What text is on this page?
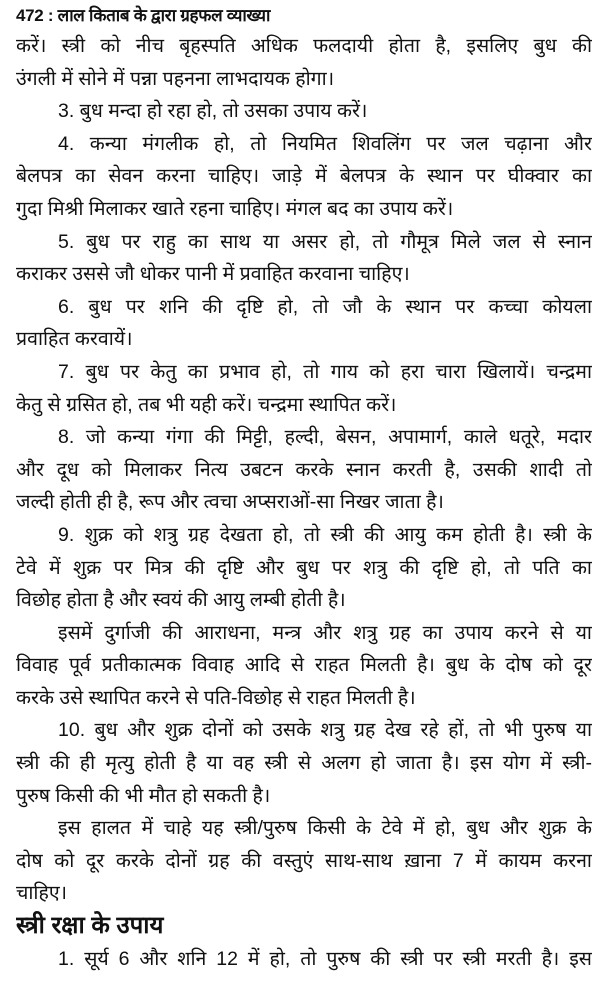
472 : लाल किताब के द्वारा ग्रहफल व्याख्या
करें। स्त्री को नीच बृहस्पति अधिक फलदायी होता है, इसलिए बुध की
उंगली में सोने में पन्ना पहनना लाभदायक होगा।
3. बुध मन्दा हो रहा हो, तो उसका उपाय करें।
4. कन्या मंगलीक हो, तो नियमित शिवलिंग पर जल चढ़ाना और
बेलपत्र का सेवन करना चाहिए। जाड़े में बेलपत्र के स्थान पर घीक्वार का
गुदा मिश्री मिलाकर खाते रहना चाहिए। मंगल बद का उपाय करें।
5. बुध पर राहु का साथ या असर हो, तो गौमूत्र मिले जल से स्नान
कराकर उससे जौ धोकर पानी में प्रवाहित करवाना चाहिए।
6. बुध पर शनि की दृष्टि हो, तो जौ के स्थान पर कच्चा कोयला
प्रवाहित करवायें।
7. बुध पर केतु का प्रभाव हो, तो गाय को हरा चारा खिलायें। चन्द्रमा
केतु से ग्रसित हो, तब भी यही करें। चन्द्रमा स्थापित करें।
8. जो कन्या गंगा की मिट्टी, हल्दी, बेसन, अपामार्ग, काले धतूरे, मदार
और दूध को मिलाकर नित्य उबटन करके स्नान करती है, उसकी शादी तो
जल्दी होती ही है, रूप और त्वचा अप्सराओं-सा निखर जाता है।
9. शुक्र को शत्रु ग्रह देखता हो, तो स्त्री की आयु कम होती है। स्त्री के
टेवे में शुक्र पर मित्र की दृष्टि और बुध पर शत्रु की दृष्टि हो, तो पति का
विछोह होता है और स्वयं की आयु लम्बी होती है।
इसमें दुर्गाजी की आराधना, मन्त्र और शत्रु ग्रह का उपाय करने से या
विवाह पूर्व प्रतीकात्मक विवाह आदि से राहत मिलती है। बुध के दोष को दूर
करके उसे स्थापित करने से पति-विछोह से राहत मिलती है।
10. बुध और शुक्र दोनों को उसके शत्रु ग्रह देख रहे हों, तो भी पुरुष या
स्त्री की ही मृत्यु होती है या वह स्त्री से अलग हो जाता है। इस योग में स्त्री-
पुरुष किसी की भी मौत हो सकती है।
इस हालत में चाहे यह स्त्री/पुरुष किसी के टेवे में हो, बुध और शुक्र के
दोष को दूर करके दोनों ग्रह की वस्तुएं साथ-साथ ख़ाना 7 में कायम करना
चाहिए।
स्त्री रक्षा के उपाय
1. सूर्य 6 और शनि 12 में हो, तो पुरुष की स्त्री पर स्त्री मरती है। इस
